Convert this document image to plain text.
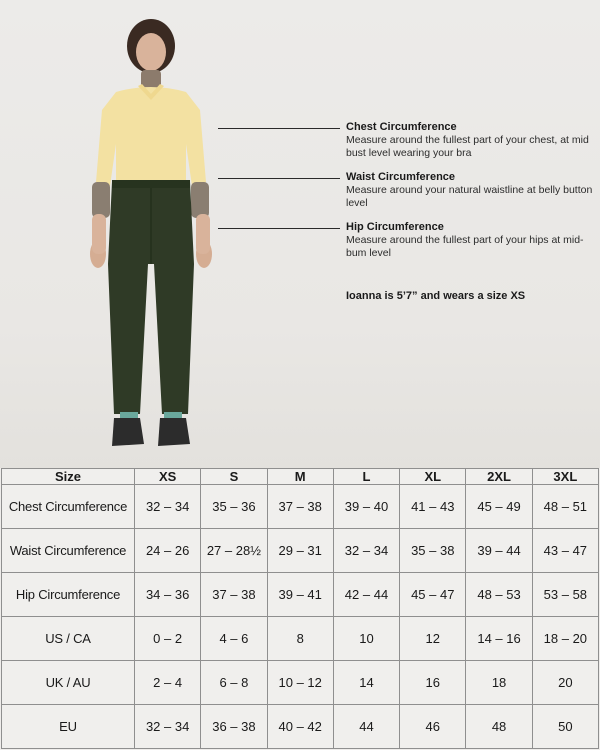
Chest Circumference
Measure around the fullest part of your chest, at mid bust level wearing your bra
Waist Circumference
Measure around your natural waistline at belly button level
Hip Circumference
Measure around the fullest part of your hips at mid-bum level
Ioanna is 5’7” and wears a size XS
Size	XS	S	M	L	XL	2XL	3XL
Chest Circumference	32 – 34	35 – 36	37 – 38	39 – 40	41 – 43	45 – 49	48 – 51
Waist Circumference	24 – 26	27 – 28½	29 – 31	32 – 34	35 – 38	39 – 44	43 – 47
Hip Circumference	34 – 36	37 – 38	39 – 41	42 – 44	45 – 47	48 – 53	53 – 58
US / CA	0 – 2	4 – 6	8	10	12	14 – 16	18 – 20
UK / AU	2 – 4	6 – 8	10 – 12	14	16	18	20
EU	32 – 34	36 – 38	40 – 42	44	46	48	50
